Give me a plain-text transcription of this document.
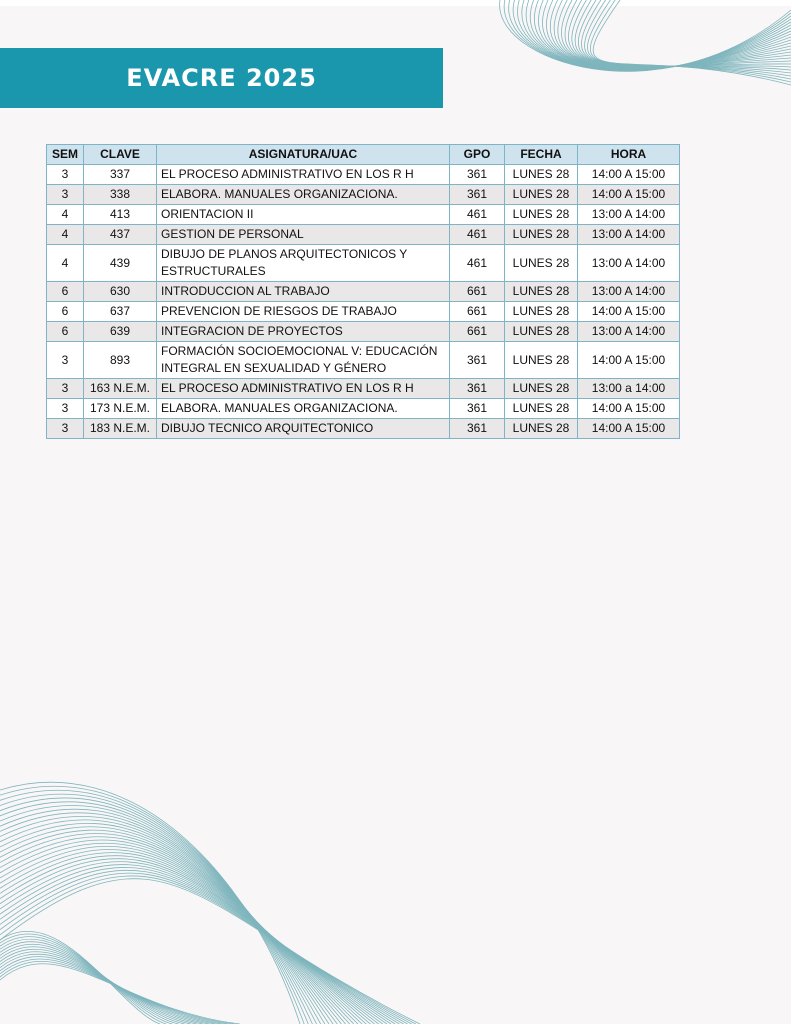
EVACRE 2025
SEM	CLAVE	ASIGNATURA/UAC	GPO	FECHA	HORA
3	337	EL PROCESO ADMINISTRATIVO EN LOS R H	361	LUNES 28	14:00 A 15:00
3	338	ELABORA. MANUALES ORGANIZACIONA.	361	LUNES 28	14:00 A 15:00
4	413	ORIENTACION II	461	LUNES 28	13:00 A 14:00
4	437	GESTION DE PERSONAL	461	LUNES 28	13:00 A 14:00
4	439	DIBUJO DE PLANOS ARQUITECTONICOS Y ESTRUCTURALES	461	LUNES 28	13:00 A 14:00
6	630	INTRODUCCION AL TRABAJO	661	LUNES 28	13:00 A 14:00
6	637	PREVENCION DE RIESGOS DE TRABAJO	661	LUNES 28	14:00 A 15:00
6	639	INTEGRACION DE PROYECTOS	661	LUNES 28	13:00 A 14:00
3	893	FORMACIÓN SOCIOEMOCIONAL V: EDUCACIÓN INTEGRAL EN SEXUALIDAD Y GÉNERO	361	LUNES 28	14:00 A 15:00
3	163 N.E.M.	EL PROCESO ADMINISTRATIVO EN LOS R H	361	LUNES 28	13:00 a 14:00
3	173 N.E.M.	ELABORA. MANUALES ORGANIZACIONA.	361	LUNES 28	14:00 A 15:00
3	183 N.E.M.	DIBUJO TECNICO ARQUITECTONICO	361	LUNES 28	14:00 A 15:00
